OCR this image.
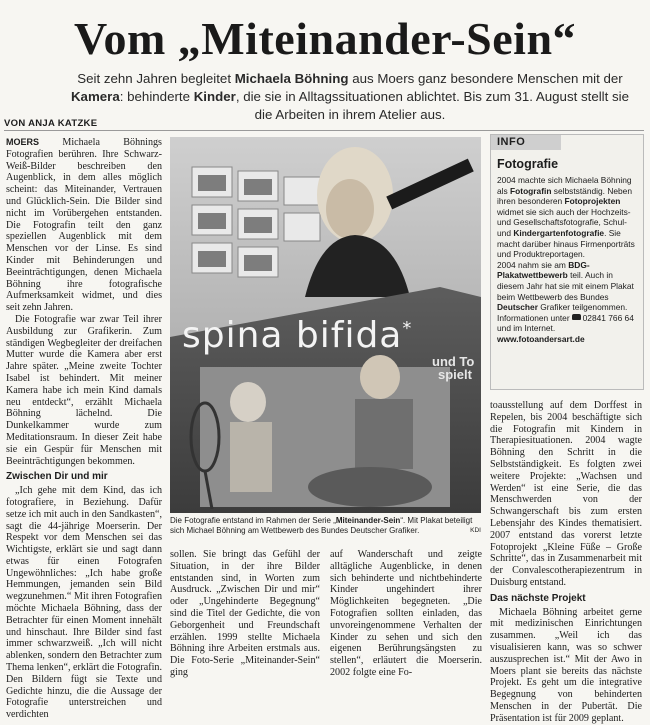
Vom „Miteinander-Sein“
Seit zehn Jahren begleitet Michaela Böhning aus Moers ganz besondere Menschen mit der Kamera: behinderte Kinder, die sie in Alltagssituationen ablichtet. Bis zum 31. August stellt sie die Arbeiten in ihrem Atelier aus.
VON ANJA KATZKE

MOERS Michaela Böhnings Fotografien berühren. Ihre Schwarz-Weiß-Bilder beschreiben den Augenblick, in dem alles möglich scheint: das Miteinander, Vertrauen und Glücklich-Sein. Die Bilder sind nicht im Vorübergehen entstanden. Die Fotografin teilt den ganz speziellen Augenblick mit dem Menschen vor der Linse. Es sind Kinder mit Behinderungen und Beeinträchtigungen, denen Michaela Böhning ihre fotografische Aufmerksamkeit widmet, und dies seit zehn Jahren.

Die Fotografie war zwar Teil ihrer Ausbildung zur Grafikerin. Zum ständigen Wegbegleiter der dreifachen Mutter wurde die Kamera aber erst Jahre später. „Meine zweite Tochter Isabel ist behindert. Mit meiner Kamera habe ich mein Kind damals neu entdeckt“, erzählt Michaela Böhning lächelnd. Die Dunkelkammer wurde zum Meditationsraum. In dieser Zeit habe sie ein Gespür für Menschen mit Beeinträchtigungen bekommen.

Zwischen Dir und mir

„Ich gehe mit dem Kind, das ich fotografiere, in Beziehung. Dafür setze ich mit auch in den Sandkasten“, sagt die 44-jährige Moerserin. Der Respekt vor dem Menschen sei das Wichtigste, erklärt sie und sagt dann etwas für einen Fotografen Ungewöhnliches: „Ich habe große Hemmungen, jemanden sein Bild wegzunehmen.“ Mit ihren Fotografien möchte Michaela Böhning, dass der Betrachter für einen Moment innehält und hinschaut. Ihre Bilder sind fast immer schwarzweiß. „Ich will nicht ablenken, sondern den Betrachter zum Thema lenken“, erklärt die Fotografin. Den Bildern fügt sie Texte und Gedichte hinzu, die die Aussage der Fotografie unterstreichen und verdichten

spina bifida*
und To
spielt
Die Fotografie entstand im Rahmen der Serie „Miteinander-Sein“. Mit Plakat beteiligt sich Michael Böhning am Wettbewerb des Bundes Deutscher Grafiker.	KDI

sollen. Sie bringt das Gefühl der Situation, in der ihre Bilder entstanden sind, in Worten zum Ausdruck. „Zwischen Dir und mir“ oder „Ungehinderte Begegnung“ sind die Titel der Gedichte, die von Geborgenheit und Freundschaft erzählen. 1999 stellte Michaela Böhning ihre Arbeiten erstmals aus. Die Foto-Serie „Miteinander-Sein“ ging

auf Wanderschaft und zeigte alltägliche Augenblicke, in denen sich behinderte und nichtbehinderte Kinder ungehindert ihrer Möglichkeiten begegneten. „Die Fotografien sollten einladen, das unvoreingenommene Verhalten der Kinder zu sehen und sich den eigenen Berührungsängsten zu stellen“, erläutert die Moerserin. 2002 folgte eine Fo-

INFO
Fotografie

2004 machte sich Michaela Böhning als Fotografin selbstständig. Neben ihren besonderen Fotoprojekten widmet sie sich auch der Hochzeits- und Gesellschaftsfotografie, Schul- und Kindergartenfotografie. Sie macht darüber hinaus Firmenporträts und Produktreportagen.

2004 nahm sie am BDG-Plakatwettbewerb teil. Auch in diesem Jahr hat sie mit einem Plakat beim Wettbewerb des Bundes Deutscher Grafiker teilgenommen. Informationen unter 02841 766 64 und im Internet.

www.fotoandersart.de

toausstellung auf dem Dorffest in Repelen, bis 2004 beschäftigte sich die Fotografin mit Kindern in Therapiesituationen. 2004 wagte Böhning den Schritt in die Selbstständigkeit. Es folgten zwei weitere Projekte: „Wachsen und Werden“ ist eine Serie, die das Menschwerden von der Schwangerschaft bis zum ersten Lebensjahr des Kindes thematisiert. 2007 entstand das vorerst letzte Fotoprojekt „Kleine Füße – Große Schritte“, das in Zusammenarbeit mit der Convalescotherapiezentrum in Duisburg entstand.

Das nächste Projekt

Michaela Böhning arbeitet gerne mit medizinischen Einrichtungen zusammen. „Weil ich das visualisieren kann, was so schwer auszusprechen ist.“ Mit der Awo in Moers plant sie bereits das nächste Projekt. Es geht um die integrative Begegnung von behinderten Menschen in der Pubertät. Die Präsentation ist für 2009 geplant.
